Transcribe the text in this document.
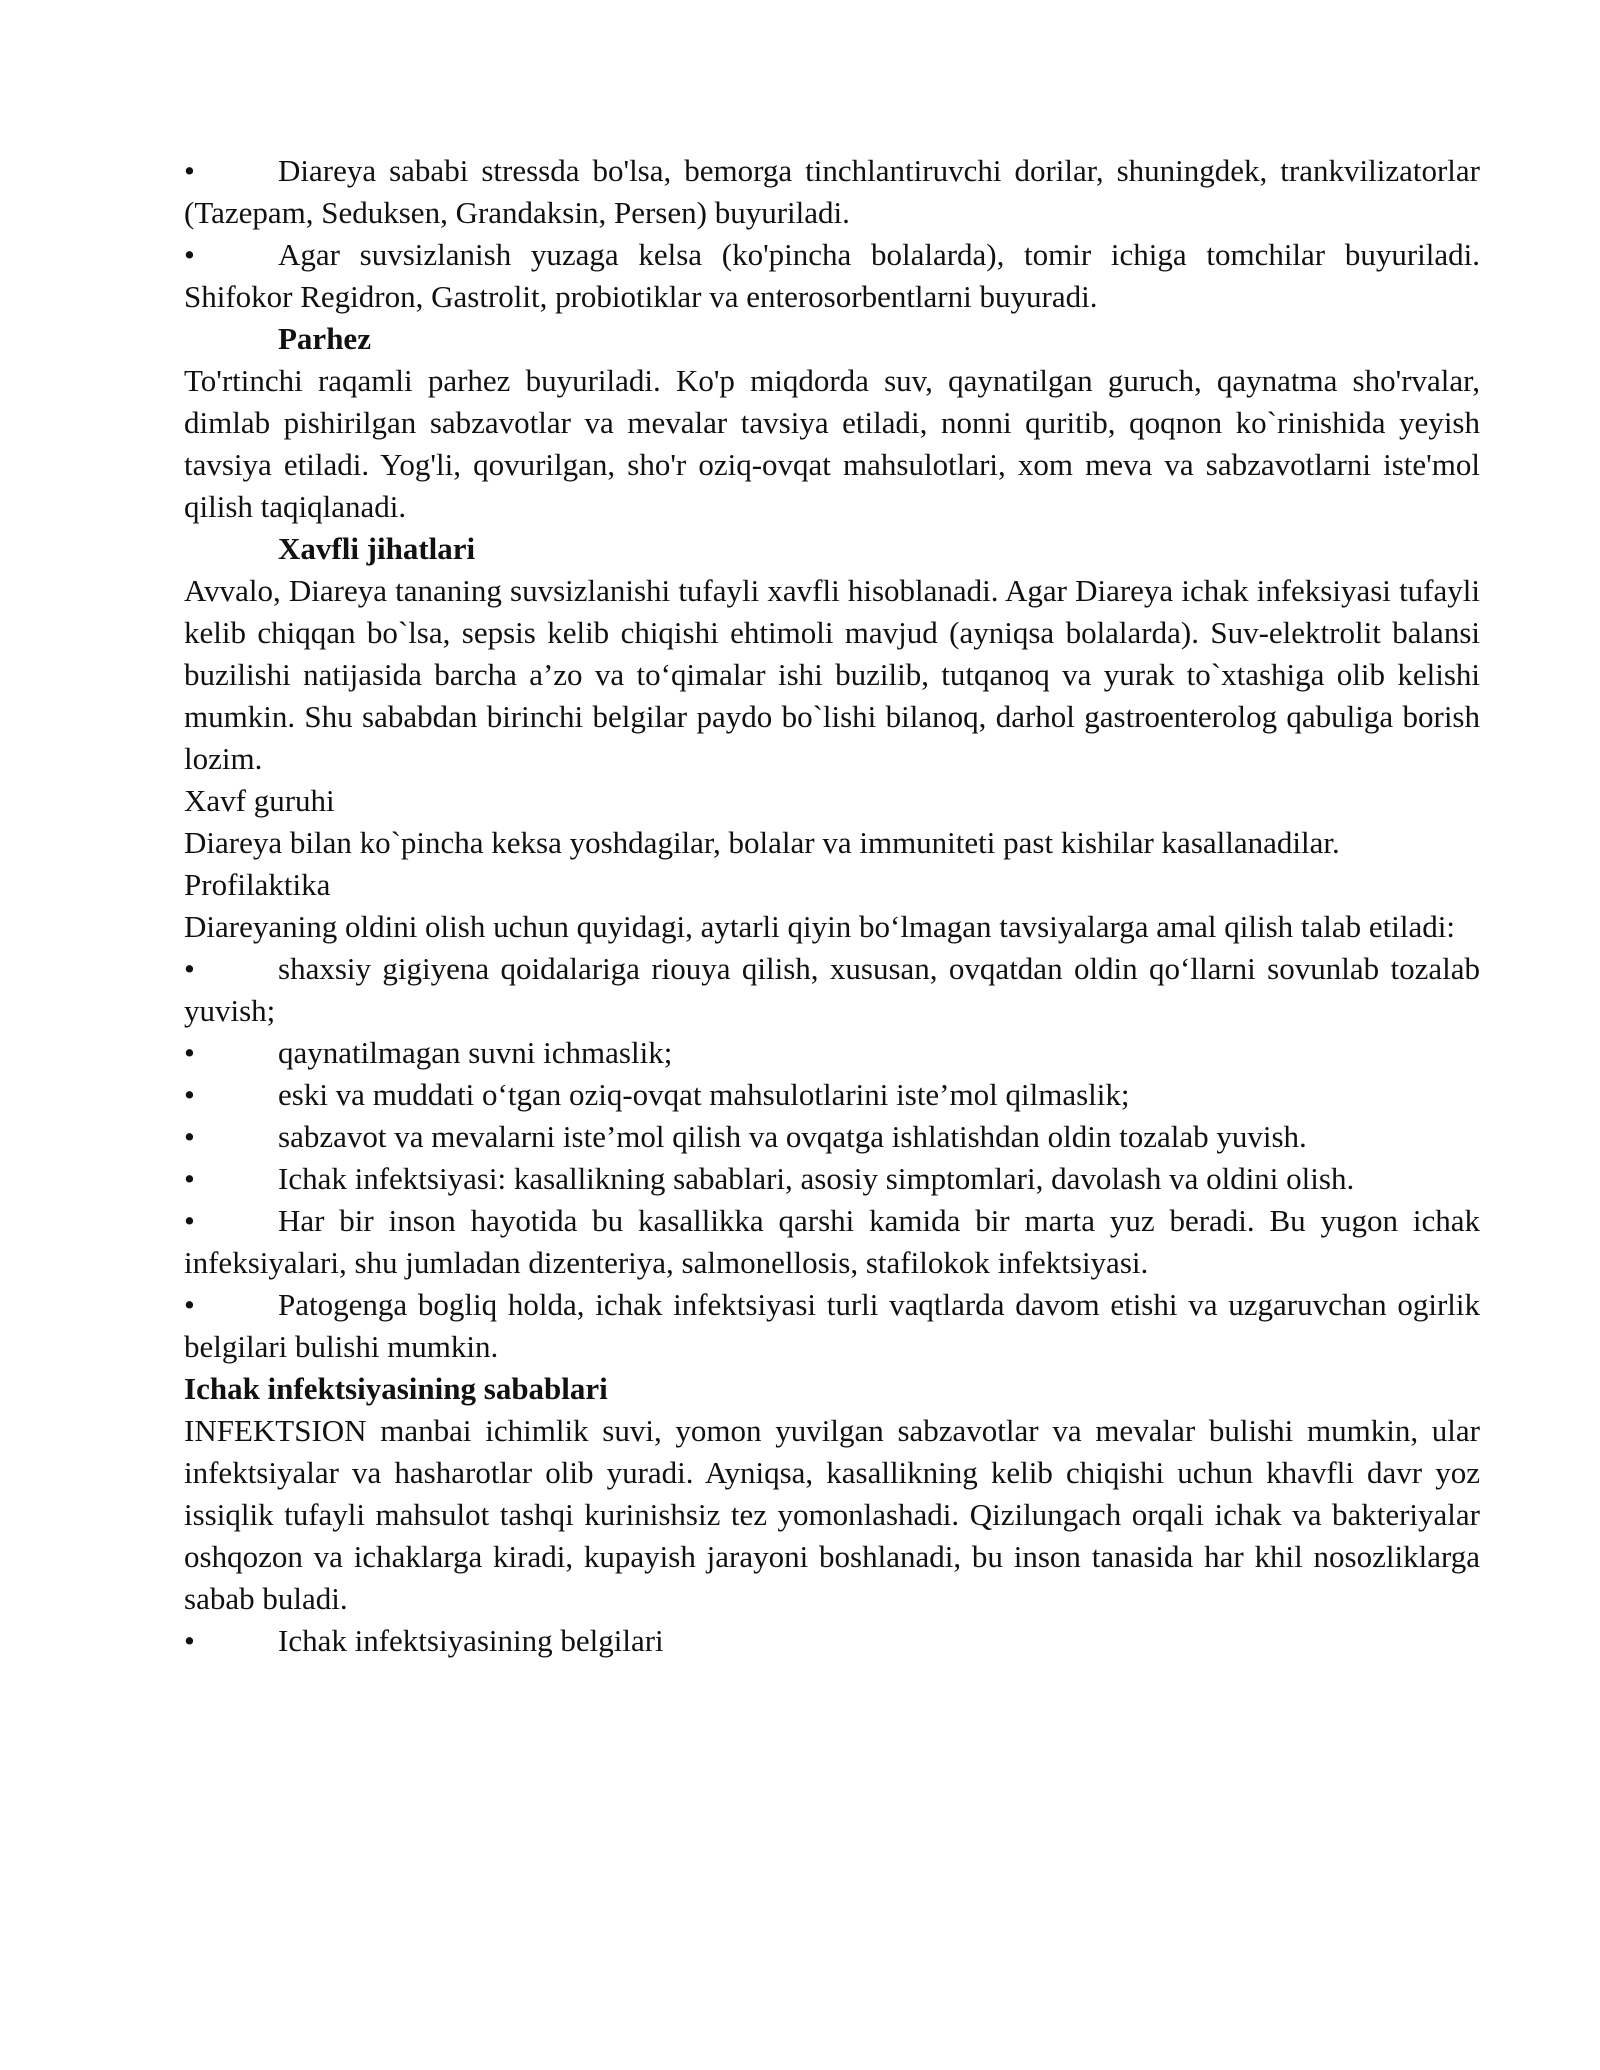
•	Diareya sababi stressda bo'lsa, bemorga tinchlantiruvchi dorilar, shuningdek, trankvilizatorlar (Tazepam, Seduksen, Grandaksin, Persen) buyuriladi.

•	Agar suvsizlanish yuzaga kelsa (ko'pincha bolalarda), tomir ichiga tomchilar buyuriladi. Shifokor Regidron, Gastrolit, probiotiklar va enterosorbentlarni buyuradi.

Parhez

To'rtinchi raqamli parhez buyuriladi. Ko'p miqdorda suv, qaynatilgan guruch, qaynatma sho'rvalar, dimlab pishirilgan sabzavotlar va mevalar tavsiya etiladi, nonni quritib, qoqnon ko`rinishida yeyish tavsiya etiladi. Yog'li, qovurilgan, sho'r oziq-ovqat mahsulotlari, xom meva va sabzavotlarni iste'mol qilish taqiqlanadi.

Xavfli jihatlari

Avvalo, Diareya tananing suvsizlanishi tufayli xavfli hisoblanadi. Agar Diareya ichak infeksiyasi tufayli kelib chiqqan bo`lsa, sepsis kelib chiqishi ehtimoli mavjud (ayniqsa bolalarda). Suv-elektrolit balansi buzilishi natijasida barcha a’zo va to‘qimalar ishi buzilib, tutqanoq va yurak to`xtashiga olib kelishi mumkin. Shu sababdan birinchi belgilar paydo bo`lishi bilanoq, darhol gastroenterolog qabuliga borish lozim.

Xavf guruhi

Diareya bilan ko`pincha keksa yoshdagilar, bolalar va immuniteti past kishilar kasallanadilar.

Profilaktika

Diareyaning oldini olish uchun quyidagi, aytarli qiyin bo‘lmagan tavsiyalarga amal qilish talab etiladi:

•	shaxsiy gigiyena qoidalariga riouya qilish, xususan, ovqatdan oldin qo‘llarni sovunlab tozalab yuvish;

•	qaynatilmagan suvni ichmaslik;

•	eski va muddati o‘tgan oziq-ovqat mahsulotlarini iste’mol qilmaslik;

•	sabzavot va mevalarni iste’mol qilish va ovqatga ishlatishdan oldin tozalab yuvish.

•	Ichak infektsiyasi: kasallikning sabablari, asosiy simptomlari, davolash va oldini olish.

•	Har bir inson hayotida bu kasallikka qarshi kamida bir marta yuz beradi. Bu yugon ichak infeksiyalari, shu jumladan dizenteriya, salmonellosis, stafilokok infektsiyasi.

•	Patogenga bogliq holda, ichak infektsiyasi turli vaqtlarda davom etishi va uzgaruvchan ogirlik belgilari bulishi mumkin.

Ichak infektsiyasining sabablari

INFEKTSION manbai ichimlik suvi, yomon yuvilgan sabzavotlar va mevalar bulishi mumkin, ular infektsiyalar va hasharotlar olib yuradi. Ayniqsa, kasallikning kelib chiqishi uchun khavfli davr yoz issiqlik tufayli mahsulot tashqi kurinishsiz tez yomonlashadi. Qizilungach orqali ichak va bakteriyalar oshqozon va ichaklarga kiradi, kupayish jarayoni boshlanadi, bu inson tanasida har khil nosozliklarga sabab buladi.

•	Ichak infektsiyasining belgilari
